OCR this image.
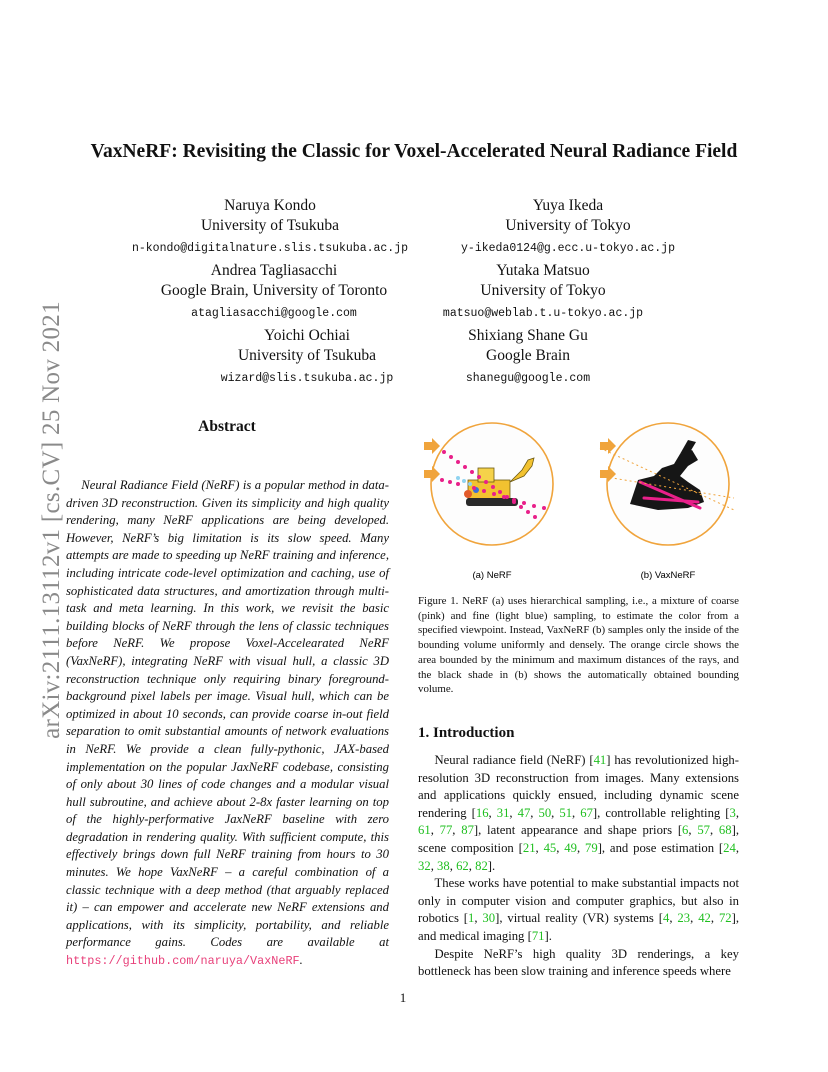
arXiv:2111.13112v1 [cs.CV] 25 Nov 2021
VaxNeRF: Revisiting the Classic for Voxel-Accelerated Neural Radiance Field
Naruya Kondo
University of Tsukuba
n-kondo@digitalnature.slis.tsukuba.ac.jp
Yuya Ikeda
University of Tokyo
y-ikeda0124@g.ecc.u-tokyo.ac.jp
Andrea Tagliasacchi
Google Brain, University of Toronto
atagliasacchi@google.com
Yutaka Matsuo
University of Tokyo
matsuo@weblab.t.u-tokyo.ac.jp
Yoichi Ochiai
University of Tsukuba
wizard@slis.tsukuba.ac.jp
Shixiang Shane Gu
Google Brain
shanegu@google.com
Abstract

Neural Radiance Field (NeRF) is a popular method in data-driven 3D reconstruction. Given its simplicity and high quality rendering, many NeRF applications are being developed. However, NeRF’s big limitation is its slow speed. Many attempts are made to speeding up NeRF training and inference, including intricate code-level optimization and caching, use of sophisticated data structures, and amortization through multi-task and meta learning. In this work, we revisit the basic building blocks of NeRF through the lens of classic techniques before NeRF. We propose Voxel-Accelearated NeRF (VaxNeRF), integrating NeRF with visual hull, a classic 3D reconstruction technique only requiring binary foreground-background pixel labels per image. Visual hull, which can be optimized in about 10 seconds, can provide coarse in-out field separation to omit substantial amounts of network evaluations in NeRF. We provide a clean fully-pythonic, JAX-based implementation on the popular JaxNeRF codebase, consisting of only about 30 lines of code changes and a modular visual hull subroutine, and achieve about 2-8x faster learning on top of the highly-performative JaxNeRF baseline with zero degradation in rendering quality. With sufficient compute, this effectively brings down full NeRF training from hours to 30 minutes. We hope VaxNeRF – a careful combination of a classic technique with a deep method (that arguably replaced it) – can empower and accelerate new NeRF extensions and applications, with its simplicity, portability, and reliable performance gains. Codes are available at https://github.com/naruya/VaxNeRF.

(a) NeRF	(b) VaxNeRF

Figure 1. NeRF (a) uses hierarchical sampling, i.e., a mixture of coarse (pink) and fine (light blue) sampling, to estimate the color from a specified viewpoint. Instead, VaxNeRF (b) samples only the inside of the bounding volume uniformly and densely. The orange circle shows the area bounded by the minimum and maximum distances of the rays, and the black shade in (b) shows the automatically obtained bounding volume.

1. Introduction

Neural radiance field (NeRF) [41] has revolutionized high-resolution 3D reconstruction from images. Many extensions and applications quickly ensued, including dynamic scene rendering [16, 31, 47, 50, 51, 67], controllable relighting [3, 61, 77, 87], latent appearance and shape priors [6, 57, 68], scene composition [21, 45, 49, 79], and pose estimation [24, 32, 38, 62, 82].

These works have potential to make substantial impacts not only in computer vision and computer graphics, but also in robotics [1, 30], virtual reality (VR) systems [4, 23, 42, 72], and medical imaging [71].

Despite NeRF’s high quality 3D renderings, a key bottleneck has been slow training and inference speeds where

1
